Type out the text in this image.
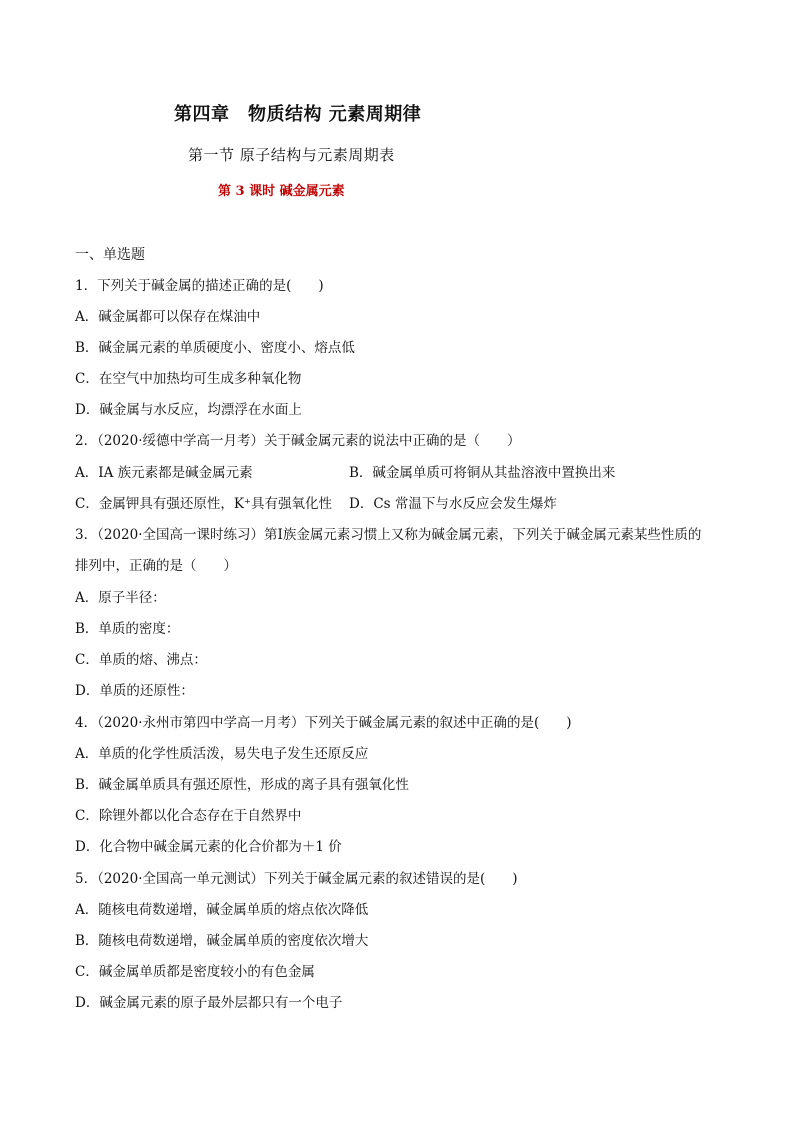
第四章　物质结构 元素周期律
第一节 原子结构与元素周期表
第 3 课时 碱金属元素
一、单选题
1．下列关于碱金属的描述正确的是(　　)
A．碱金属都可以保存在煤油中
B．碱金属元素的单质硬度小、密度小、熔点低
C．在空气中加热均可生成多种氧化物
D．碱金属与水反应，均漂浮在水面上
2．（2020·绥德中学高一月考）关于碱金属元素的说法中正确的是（　　）
A．ⅠA 族元素都是碱金属元素	B．碱金属单质可将铜从其盐溶液中置换出来
C．金属钾具有强还原性，K⁺具有强氧化性 D．Cs 常温下与水反应会发生爆炸
3．（2020·全国高一课时练习）第Ⅰ族金属元素习惯上又称为碱金属元素，下列关于碱金属元素某些性质的
排列中，正确的是（　　）
A．原子半径：
B．单质的密度：
C．单质的熔、沸点：
D．单质的还原性：
4．（2020·永州市第四中学高一月考）下列关于碱金属元素的叙述中正确的是(　　)
A．单质的化学性质活泼，易失电子发生还原反应
B．碱金属单质具有强还原性，形成的离子具有强氧化性
C．除锂外都以化合态存在于自然界中
D．化合物中碱金属元素的化合价都为＋1 价
5．（2020·全国高一单元测试）下列关于碱金属元素的叙述错误的是(　　)
A．随核电荷数递增，碱金属单质的熔点依次降低
B．随核电荷数递增，碱金属单质的密度依次增大
C．碱金属单质都是密度较小的有色金属
D．碱金属元素的原子最外层都只有一个电子
